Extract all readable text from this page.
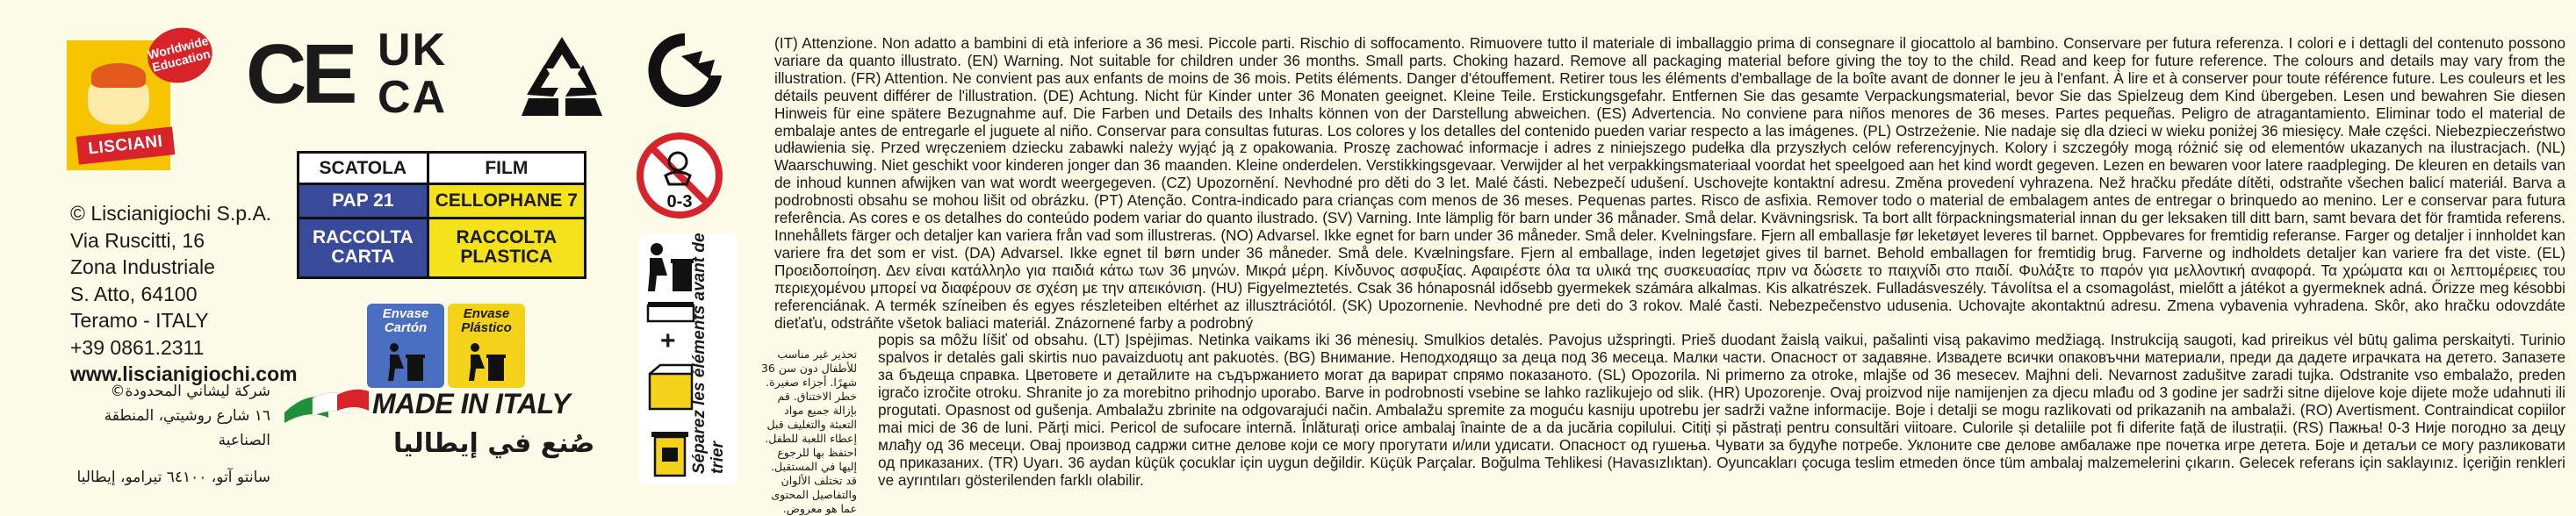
Worldwide Education
LISCIANI
© Liscianigiochi S.p.A.
Via Ruscitti, 16
Zona Industriale
S. Atto, 64100
Teramo - ITALY
+39 0861.2311
www.liscianigiochi.com
شركة ليشاني المحدودة©
١٦ شارع روشيتي، المنطقة الصناعية
سانتو آتو، ٦٤١٠٠ تيرامو، إيطاليا
CE UK
CA
SCATOLA	FILM
PAP 21	CELLOPHANE 7
RACCOLTA CARTA	RACCOLTA PLASTICA
Envase Cartón
Envase Plástico
MADE IN ITALY
صُنع في إيطاليا
0-3
+ Séparez les éléments avant de trier
تحذير غير مناسب للأطفال دون سن 36 شهرًا. أجزاء صغيرة. خطر الاختناق. قم بإزالة جميع مواد التعبئة والتغليف قبل إعطاء اللعبة للطفل. احتفظ بها للرجوع إليها في المستقبل. قد تختلف الألوان والتفاصيل المحتوى عما هو معروض.
(IT) Attenzione. Non adatto a bambini di età inferiore a 36 mesi. Piccole parti. Rischio di soffocamento. Rimuovere tutto il materiale di imballaggio prima di consegnare il giocattolo al bambino. Conservare per futura referenza. I colori e i dettagli del contenuto possono variare da quanto illustrato. (EN) Warning. Not suitable for children under 36 months. Small parts. Choking hazard. Remove all packaging material before giving the toy to the child. Read and keep for future reference. The colours and details may vary from the illustration. (FR) Attention. Ne convient pas aux enfants de moins de 36 mois. Petits éléments. Danger d'étouffement. Retirer tous les éléments d'emballage de la boîte avant de donner le jeu à l'enfant. À lire et à conserver pour toute référence future. Les couleurs et les détails peuvent différer de l'illustration. (DE) Achtung. Nicht für Kinder unter 36 Monaten geeignet. Kleine Teile. Erstickungsgefahr. Entfernen Sie das gesamte Verpackungsmaterial, bevor Sie das Spielzeug dem Kind übergeben. Lesen und bewahren Sie diesen Hinweis für eine spätere Bezugnahme auf. Die Farben und Details des Inhalts können von der Darstellung abweichen. (ES) Advertencia. No conviene para niños menores de 36 meses. Partes pequeñas. Peligro de atragantamiento. Eliminar todo el material de embalaje antes de entregarle el juguete al niño. Conservar para consultas futuras. Los colores y los detalles del contenido pueden variar respecto a las imágenes. (PL) Ostrzeżenie. Nie nadaje się dla dzieci w wieku poniżej 36 miesięcy. Małe części. Niebezpieczeństwo udławienia się. Przed wręczeniem dziecku zabawki należy wyjąć ją z opakowania. Proszę zachować informacje i adres z niniejszego pudełka dla przyszłych celów referencyjnych. Kolory i szczegóły mogą różnić się od elementów ukazanych na ilustracjach. (NL) Waarschuwing. Niet geschikt voor kinderen jonger dan 36 maanden. Kleine onderdelen. Verstikkingsgevaar. Verwijder al het verpakkingsmateriaal voordat het speelgoed aan het kind wordt gegeven. Lezen en bewaren voor latere raadpleging. De kleuren en details van de inhoud kunnen afwijken van wat wordt weergegeven. (CZ) Upozornění. Nevhodné pro děti do 3 let. Malé části. Nebezpečí udušení. Uschovejte kontaktní adresu. Změna provedení vyhrazena. Než hračku předáte dítěti, odstraňte všechen balicí materiál. Barva a podrobnosti obsahu se mohou lišit od obrázku. (PT) Atenção. Contra-indicado para crianças com menos de 36 meses. Pequenas partes. Risco de asfixia. Remover todo o material de embalagem antes de entregar o brinquedo ao menino. Ler e conservar para futura referência. As cores e os detalhes do conteúdo podem variar do quanto ilustrado. (SV) Varning. Inte lämplig för barn under 36 månader. Små delar. Kvävningsrisk. Ta bort allt förpackningsmaterial innan du ger leksaken till ditt barn, samt bevara det för framtida referens. Innehållets färger och detaljer kan variera från vad som illustreras. (NO) Advarsel. Ikke egnet for barn under 36 måneder. Små deler. Kvelningsfare. Fjern all emballasje før leketøyet leveres til barnet. Oppbevares for fremtidig referanse. Farger og detaljer i innholdet kan variere fra det som er vist. (DA) Advarsel. Ikke egnet til børn under 36 måneder. Små dele. Kvælningsfare. Fjern al emballage, inden legetøjet gives til barnet. Behold emballagen for fremtidig brug. Farverne og indholdets detaljer kan variere fra det viste. (EL) Προειδοποίηση. Δεν είναι κατάλληλο για παιδιά κάτω των 36 μηνών. Μικρά μέρη. Κίνδυνος ασφυξίας. Αφαιρέστε όλα τα υλικά της συσκευασίας πριν να δώσετε το παιχνίδι στο παιδί. Φυλάξτε το παρόν για μελλοντική αναφορά. Τα χρώματα και οι λεπτομέρειες του περιεχομένου μπορεί να διαφέρουν σε σχέση με την απεικόνιση. (HU) Figyelmeztetés. Csak 36 hónaposnál idősebb gyermekek számára alkalmas. Kis alkatrészek. Fulladásveszély. Távolítsa el a csomagolást, mielőtt a játékot a gyermeknek adná. Őrizze meg késobbi referenciának. A termék színeiben és egyes részleteiben eltérhet az illusztrációtól. (SK) Upozornenie. Nevhodné pre deti do 3 rokov. Malé časti. Nebezpečenstvo udusenia. Uchovajte akontaktnú adresu. Zmena vybavenia vyhradena. Skôr, ako hračku odovzdáte dieťaťu, odstráňte všetok baliaci materiál. Znázornené farby a podrobný
popis sa môžu líšiť od obsahu. (LT) Įspėjimas. Netinka vaikams iki 36 mėnesių. Smulkios detalės. Pavojus užspringti. Prieš duodant žaislą vaikui, pašalinti visą pakavimo medžiagą. Instrukciją saugoti, kad prireikus vėl būtų galima perskaityti. Turinio spalvos ir detalės gali skirtis nuo pavaizduotų ant pakuotės. (BG) Внимание. Неподходящо за деца под 36 месеца. Малки части. Опасност от задавяне. Извадете всички опаковъчни материали, преди да дадете играчката на детето. Запазете за бъдеща справка. Цветовете и детайлите на съдържанието могат да варират спрямо показаното. (SL) Opozorila. Ni primerno za otroke, mlajše od 36 mesecev. Majhni deli. Nevarnost zadušitve zaradi tujka. Odstranite vso embalažo, preden igračo izročite otroku. Shranite jo za morebitno prihodnjo uporabo. Barve in podrobnosti vsebine se lahko razlikujejo od slik. (HR) Upozorenje. Ovaj proizvod nije namijenjen za djecu mlađu od 3 godine jer sadrži sitne dijelove koje dijete može udahnuti ili progutati. Opasnost od gušenja. Ambalažu zbrinite na odgovarajući način. Ambalažu spremite za moguću kasniju upotrebu jer sadrži važne informacije. Boje i detalji se mogu razlikovati od prikazanih na ambalaži. (RO) Avertisment. Contraindicat copiilor mai mici de 36 de luni. Părți mici. Pericol de sufocare internă. Înlăturați orice ambalaj înainte de a da jucăria copilului. Citiți și păstrați pentru consultări viitoare. Culorile și detaliile pot fi diferite față de ilustrații. (RS) Пажња! 0-3 Није погодно за децу млађу од 36 месеци. Овај производ садржи ситне делове који се могу прогутати и/или удисати. Опасност од гушења. Чувати за будуће потребе. Уклоните све делове амбалаже пре почетка игре детета. Боје и детаљи се могу разликовати од приказаних. (TR) Uyarı. 36 aydan küçük çocuklar için uygun değildir. Küçük Parçalar. Boğulma Tehlikesi (Havasızlıktan). Oyuncakları çocuga teslim etmeden önce tüm ambalaj malzemelerini çıkarın. Gelecek referans için saklayınız. İçeriğin renkleri ve ayrıntıları gösterilenden farklı olabilir.
